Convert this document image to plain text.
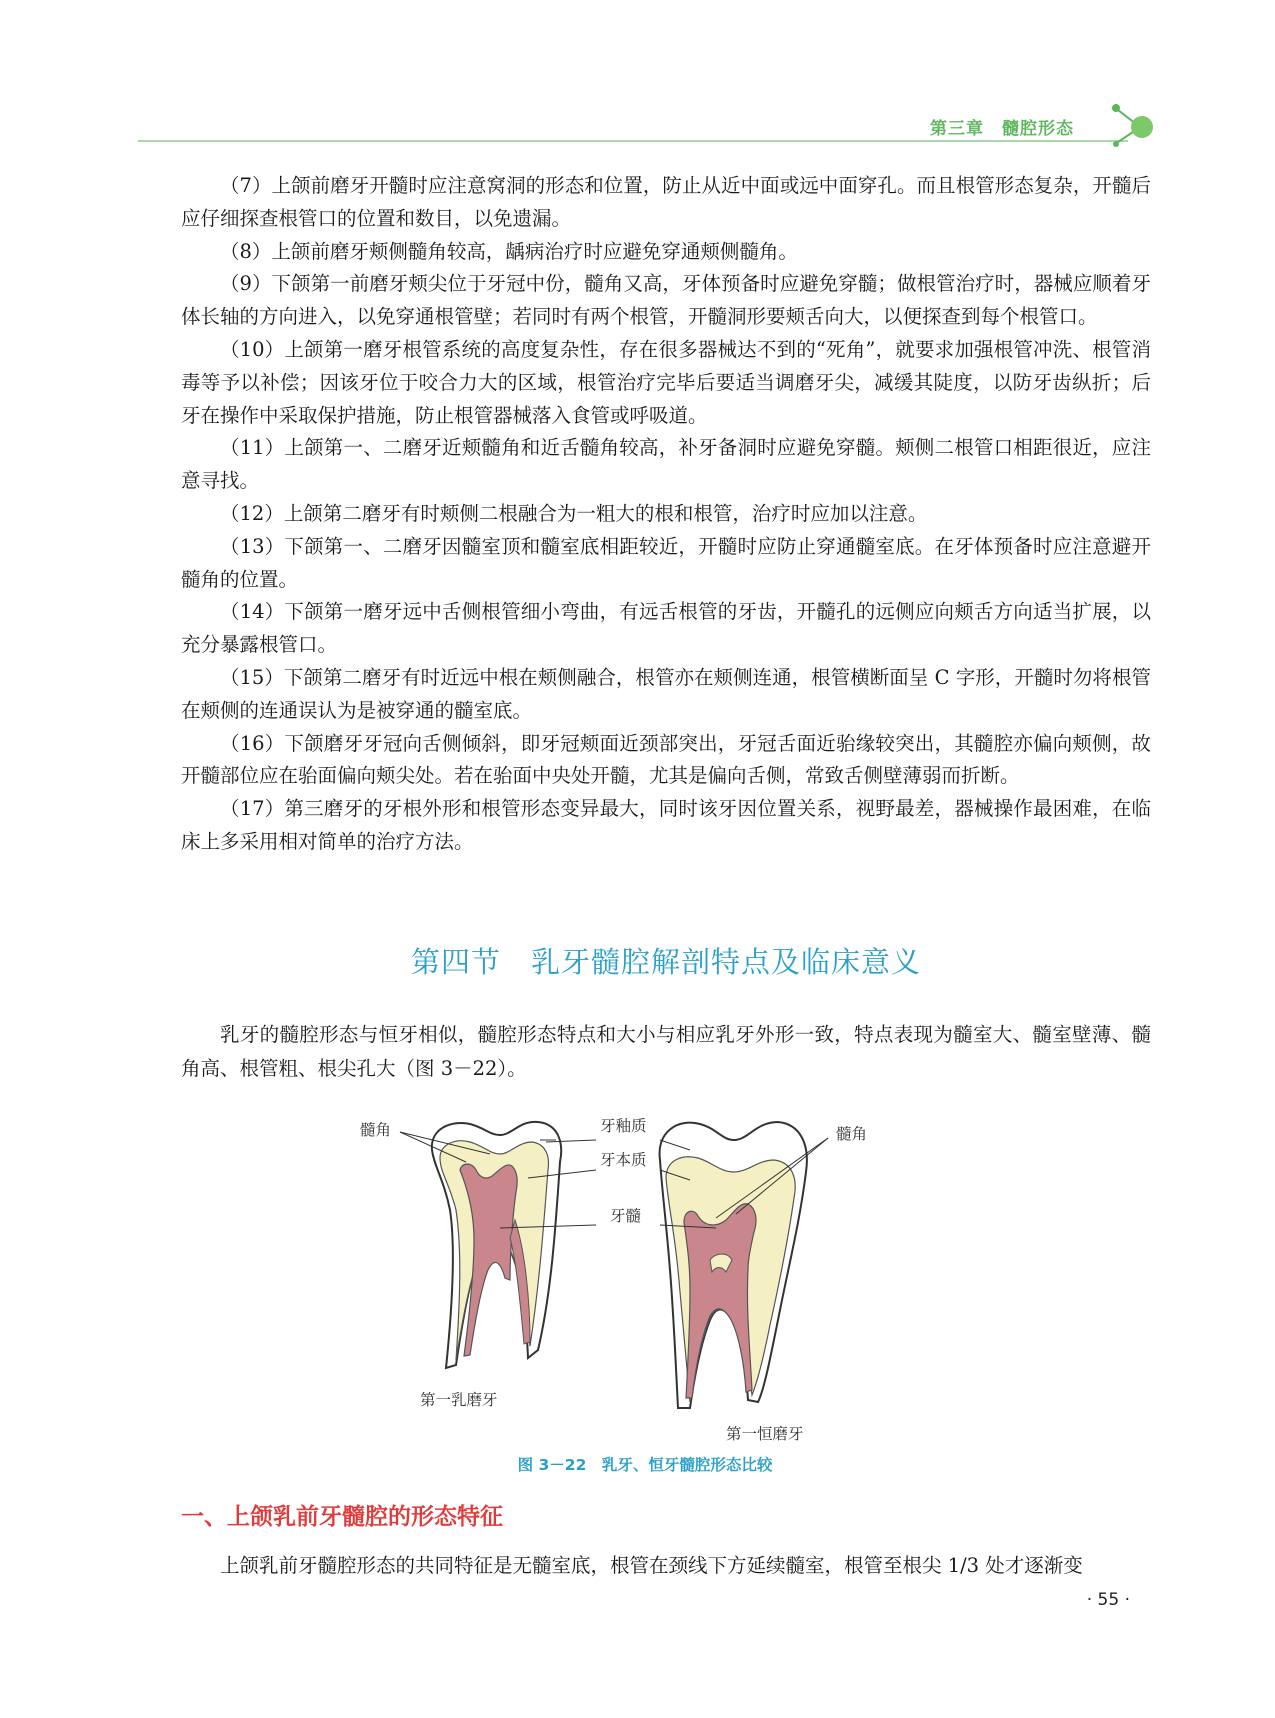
第三章　髓腔形态

（7）上颌前磨牙开髓时应注意窝洞的形态和位置，防止从近中面或远中面穿孔。而且根管形态复杂，开髓后应仔细探查根管口的位置和数目，以免遗漏。

（8）上颌前磨牙颊侧髓角较高，龋病治疗时应避免穿通颊侧髓角。

（9）下颌第一前磨牙颊尖位于牙冠中份，髓角又高，牙体预备时应避免穿髓；做根管治疗时，器械应顺着牙体长轴的方向进入，以免穿通根管壁；若同时有两个根管，开髓洞形要颊舌向大，以便探查到每个根管口。

（10）上颌第一磨牙根管系统的高度复杂性，存在很多器械达不到的“死角”，就要求加强根管冲洗、根管消毒等予以补偿；因该牙位于咬合力大的区域，根管治疗完毕后要适当调磨牙尖，减缓其陡度，以防牙齿纵折；后牙在操作中采取保护措施，防止根管器械落入食管或呼吸道。

（11）上颌第一、二磨牙近颊髓角和近舌髓角较高，补牙备洞时应避免穿髓。颊侧二根管口相距很近，应注意寻找。

（12）上颌第二磨牙有时颊侧二根融合为一粗大的根和根管，治疗时应加以注意。

（13）下颌第一、二磨牙因髓室顶和髓室底相距较近，开髓时应防止穿通髓室底。在牙体预备时应注意避开髓角的位置。

（14）下颌第一磨牙远中舌侧根管细小弯曲，有远舌根管的牙齿，开髓孔的远侧应向颊舌方向适当扩展，以充分暴露根管口。

（15）下颌第二磨牙有时近远中根在颊侧融合，根管亦在颊侧连通，根管横断面呈 C 字形，开髓时勿将根管在颊侧的连通误认为是被穿通的髓室底。

（16）下颌磨牙牙冠向舌侧倾斜，即牙冠颊面近颈部突出，牙冠舌面近骀缘较突出，其髓腔亦偏向颊侧，故开髓部位应在骀面偏向颊尖处。若在骀面中央处开髓，尤其是偏向舌侧，常致舌侧壁薄弱而折断。

（17）第三磨牙的牙根外形和根管形态变异最大，同时该牙因位置关系，视野最差，器械操作最困难，在临床上多采用相对简单的治疗方法。

第四节　乳牙髓腔解剖特点及临床意义

乳牙的髓腔形态与恒牙相似，髓腔形态特点和大小与相应乳牙外形一致，特点表现为髓室大、髓室壁薄、髓角高、根管粗、根尖孔大（图 3－22）。

髓角	牙釉质
牙本质
牙髓
髓角
第一乳磨牙
第一恒磨牙
图 3－22　乳牙、恒牙髓腔形态比较
一、上颌乳前牙髓腔的形态特征
上颌乳前牙髓腔形态的共同特征是无髓室底，根管在颈线下方延续髓室，根管至根尖 1/3 处才逐渐变
· 55 ·
